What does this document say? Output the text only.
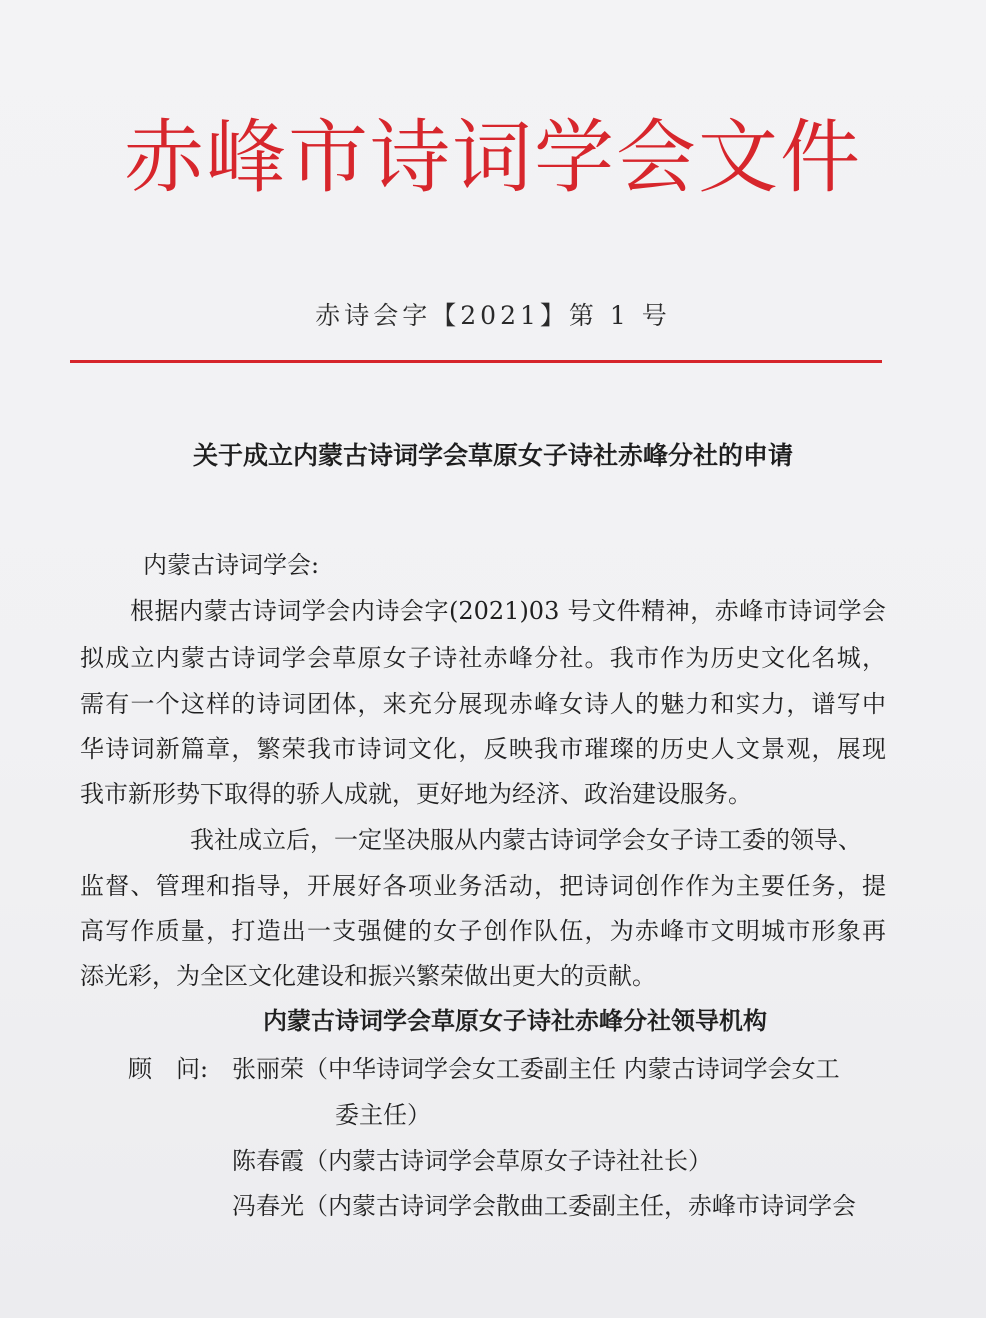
赤峰市诗词学会文件
赤诗会字【2021】第 1 号
关于成立内蒙古诗词学会草原女子诗社赤峰分社的申请
内蒙古诗词学会:
根据内蒙古诗词学会内诗会字(2021)03 号文件精神，赤峰市诗词学会
拟成立内蒙古诗词学会草原女子诗社赤峰分社。我市作为历史文化名城，
需有一个这样的诗词团体，来充分展现赤峰女诗人的魅力和实力，谱写中
华诗词新篇章，繁荣我市诗词文化，反映我市璀璨的历史人文景观，展现
我市新形势下取得的骄人成就，更好地为经济、政治建设服务。
我社成立后，一定坚决服从内蒙古诗词学会女子诗工委的领导、
监督、管理和指导，开展好各项业务活动，把诗词创作作为主要任务，提
高写作质量，打造出一支强健的女子创作队伍，为赤峰市文明城市形象再
添光彩，为全区文化建设和振兴繁荣做出更大的贡献。
内蒙古诗词学会草原女子诗社赤峰分社领导机构
顾　问: 张丽荣（中华诗词学会女工委副主任 内蒙古诗词学会女工
委主任）
陈春霞（内蒙古诗词学会草原女子诗社社长）
冯春光（内蒙古诗词学会散曲工委副主任，赤峰市诗词学会
